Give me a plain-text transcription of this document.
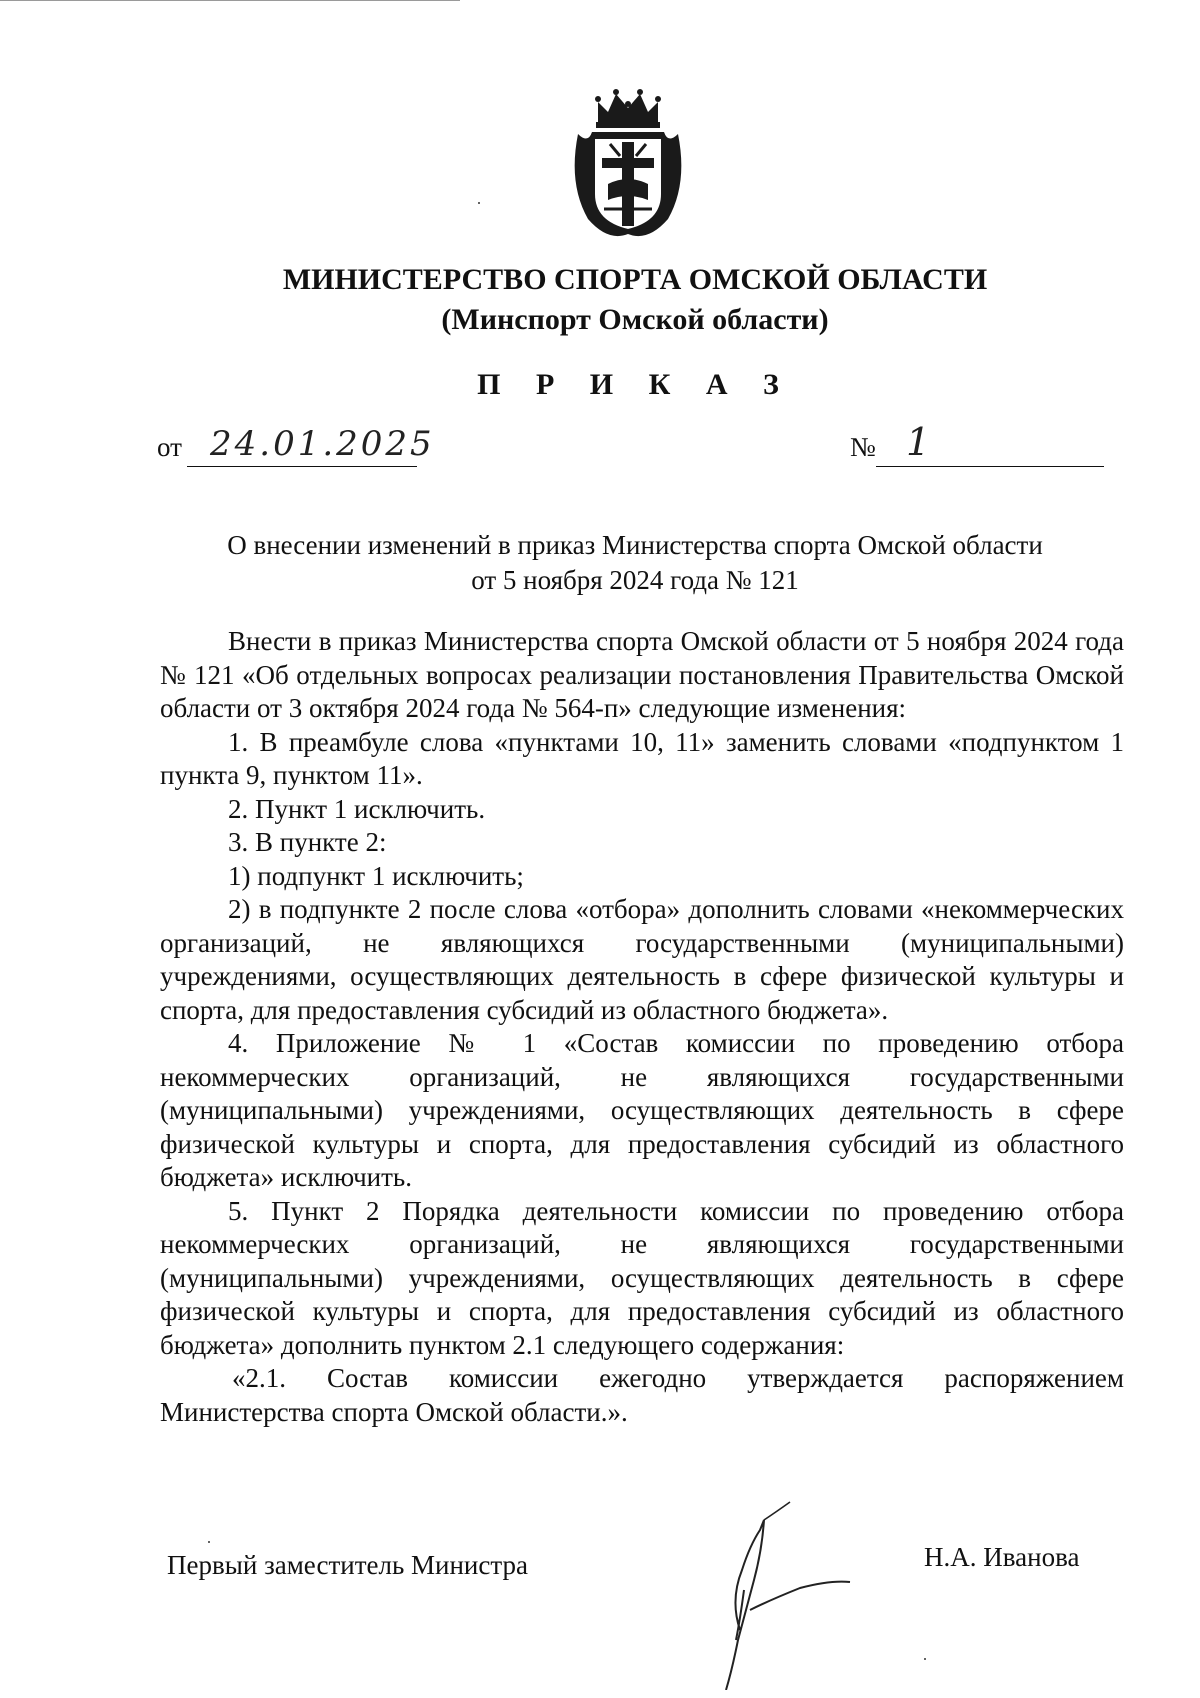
МИНИСТЕРСТВО СПОРТА ОМСКОЙ ОБЛАСТИ
(Минспорт Омской области)
П Р И К А З
от 24.01.2025	№ 1
О внесении изменений в приказ Министерства спорта Омской области
от 5 ноября 2024 года № 121

Внести в приказ Министерства спорта Омской области от 5 ноября 2024 года № 121 «Об отдельных вопросах реализации постановления Правительства Омской области от 3 октября 2024 года № 564-п» следующие изменения:

1. В преамбуле слова «пунктами 10, 11» заменить словами «подпунктом 1 пункта 9, пунктом 11».

2. Пункт 1 исключить.

3. В пункте 2:

1) подпункт 1 исключить;

2) в подпункте 2 после слова «отбора» дополнить словами «некоммерческих организаций, не являющихся государственными (муниципальными) учреждениями, осуществляющих деятельность в сфере физической культуры и спорта, для предоставления субсидий из областного бюджета».

4. Приложение № 1 «Состав комиссии по проведению отбора некоммерческих организаций, не являющихся государственными (муниципальными) учреждениями, осуществляющих деятельность в сфере физической культуры и спорта, для предоставления субсидий из областного бюджета» исключить.

5. Пункт 2 Порядка деятельности комиссии по проведению отбора некоммерческих организаций, не являющихся государственными (муниципальными) учреждениями, осуществляющих деятельность в сфере физической культуры и спорта, для предоставления субсидий из областного бюджета» дополнить пунктом 2.1 следующего содержания:

«2.1. Состав комиссии ежегодно утверждается распоряжением Министерства спорта Омской области.».

Первый заместитель Министра	Н.А. Иванова
